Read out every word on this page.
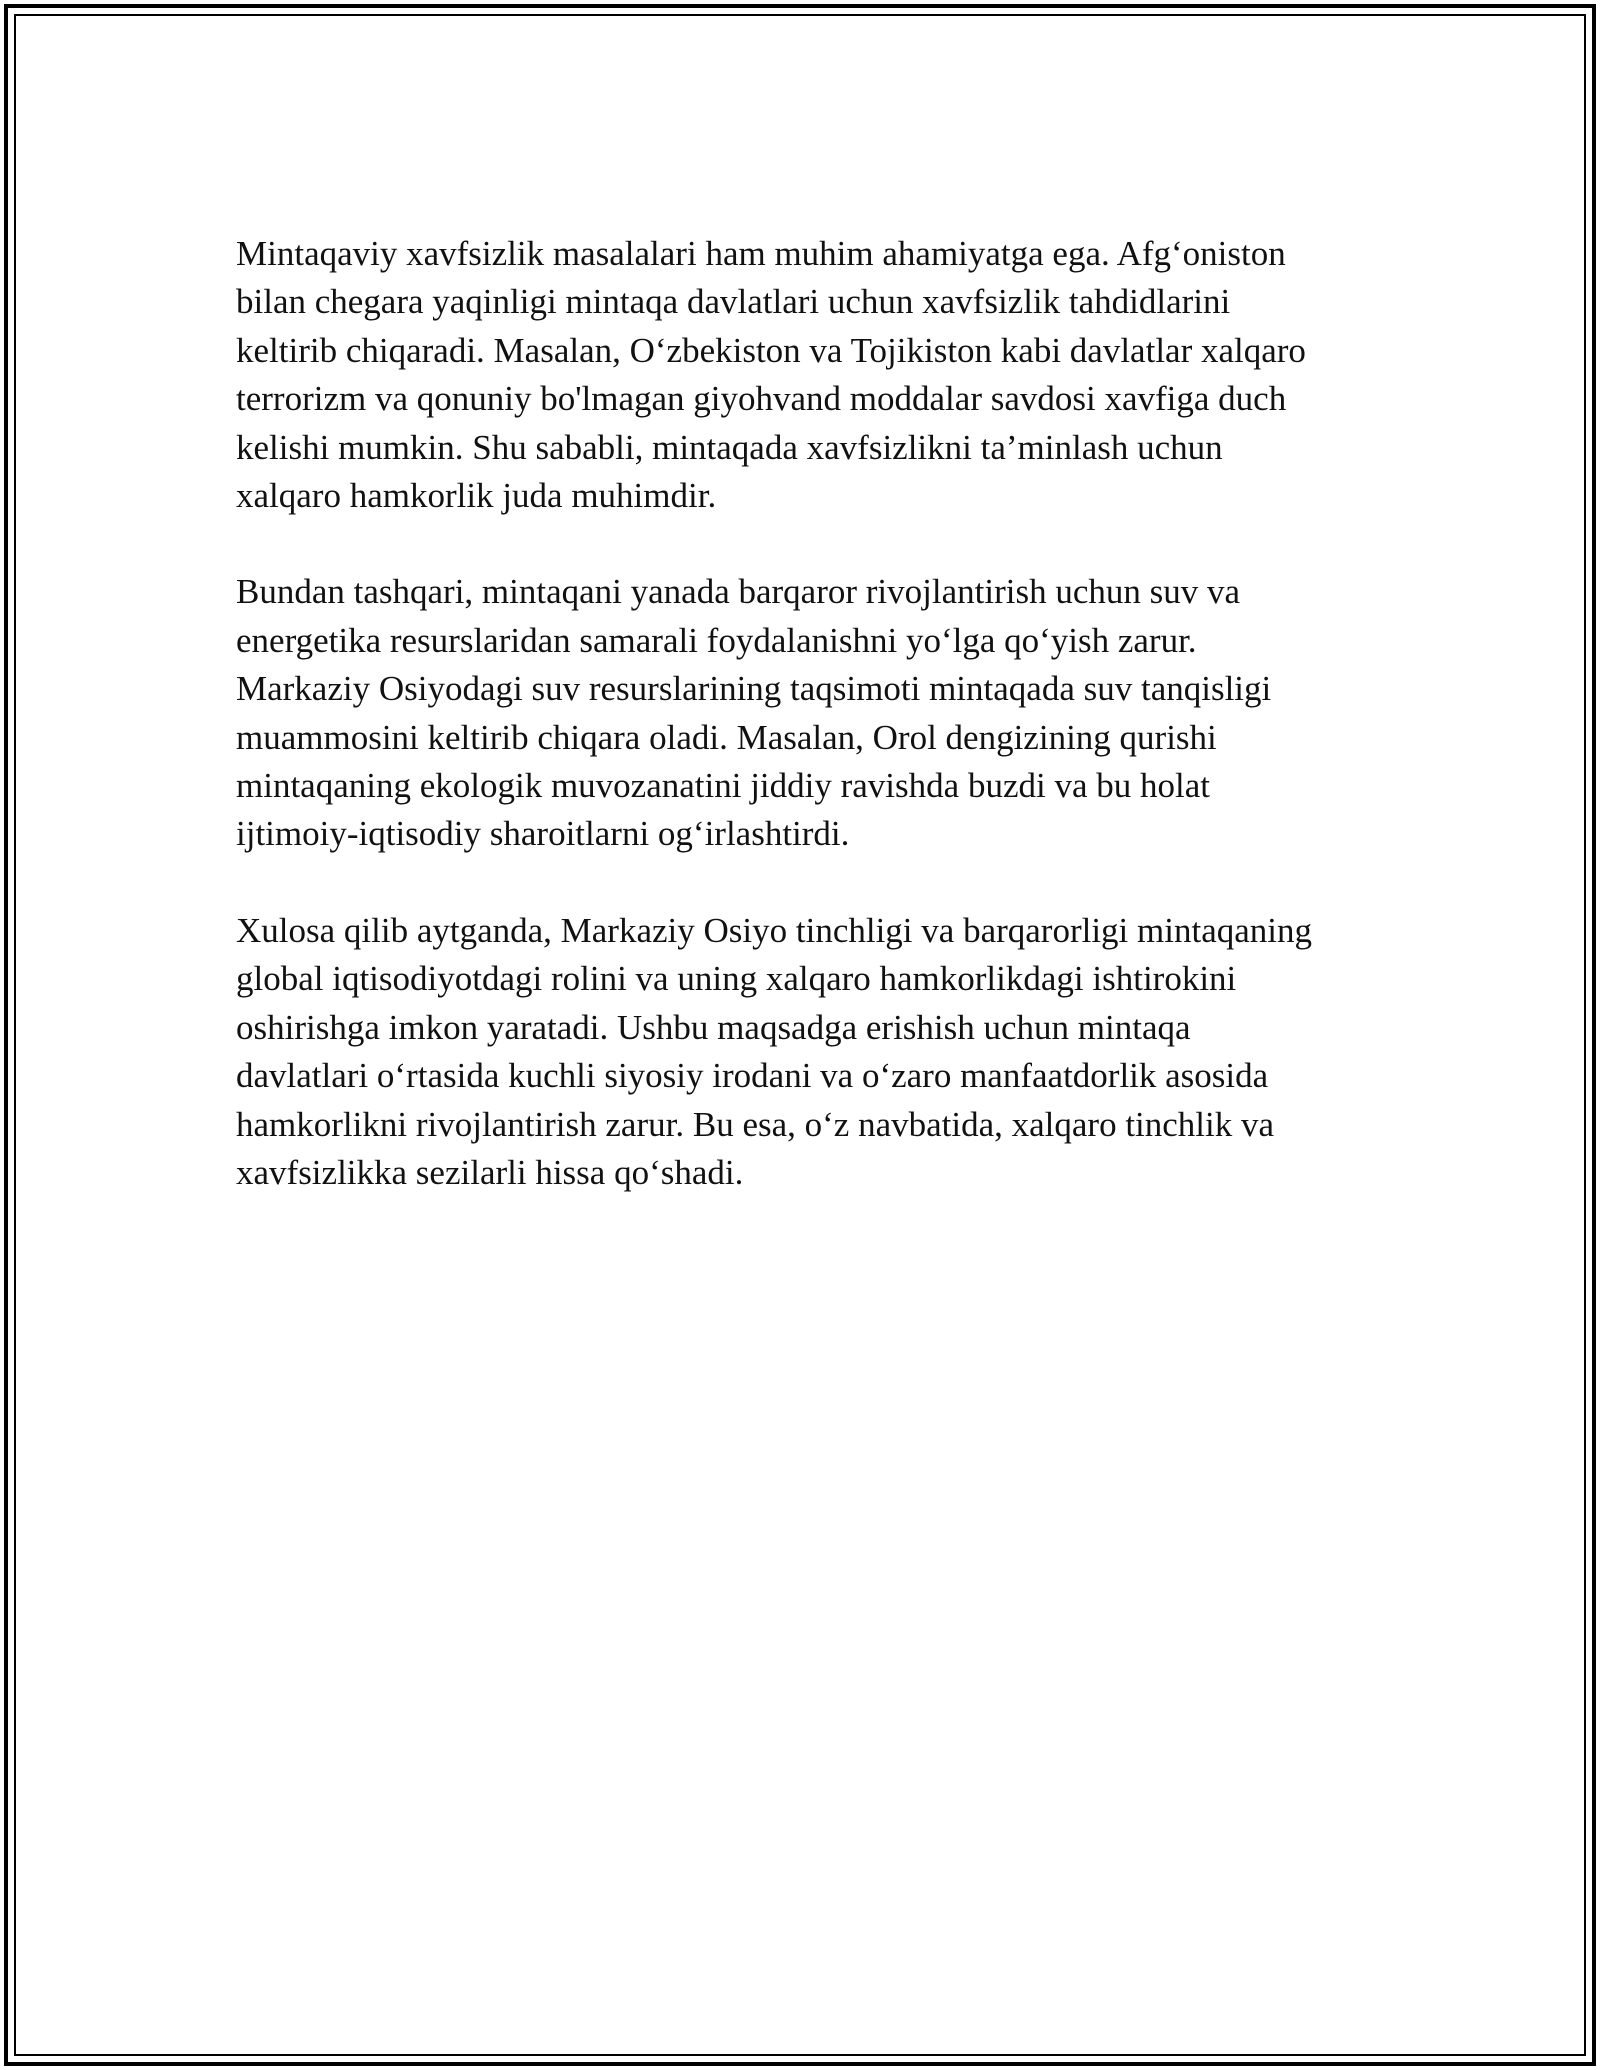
Mintaqaviy xavfsizlik masalalari ham muhim ahamiyatga ega. Afg‘oniston
bilan chegara yaqinligi mintaqa davlatlari uchun xavfsizlik tahdidlarini
keltirib chiqaradi. Masalan, O‘zbekiston va Tojikiston kabi davlatlar xalqaro
terrorizm va qonuniy bo'lmagan giyohvand moddalar savdosi xavfiga duch
kelishi mumkin. Shu sababli, mintaqada xavfsizlikni ta’minlash uchun
xalqaro hamkorlik juda muhimdir.

Bundan tashqari, mintaqani yanada barqaror rivojlantirish uchun suv va
energetika resurslaridan samarali foydalanishni yo‘lga qo‘yish zarur.
Markaziy Osiyodagi suv resurslarining taqsimoti mintaqada suv tanqisligi
muammosini keltirib chiqara oladi. Masalan, Orol dengizining qurishi
mintaqaning ekologik muvozanatini jiddiy ravishda buzdi va bu holat
ijtimoiy-iqtisodiy sharoitlarni og‘irlashtirdi.

Xulosa qilib aytganda, Markaziy Osiyo tinchligi va barqarorligi mintaqaning
global iqtisodiyotdagi rolini va uning xalqaro hamkorlikdagi ishtirokini
oshirishga imkon yaratadi. Ushbu maqsadga erishish uchun mintaqa
davlatlari o‘rtasida kuchli siyosiy irodani va o‘zaro manfaatdorlik asosida
hamkorlikni rivojlantirish zarur. Bu esa, o‘z navbatida, xalqaro tinchlik va
xavfsizlikka sezilarli hissa qo‘shadi.
